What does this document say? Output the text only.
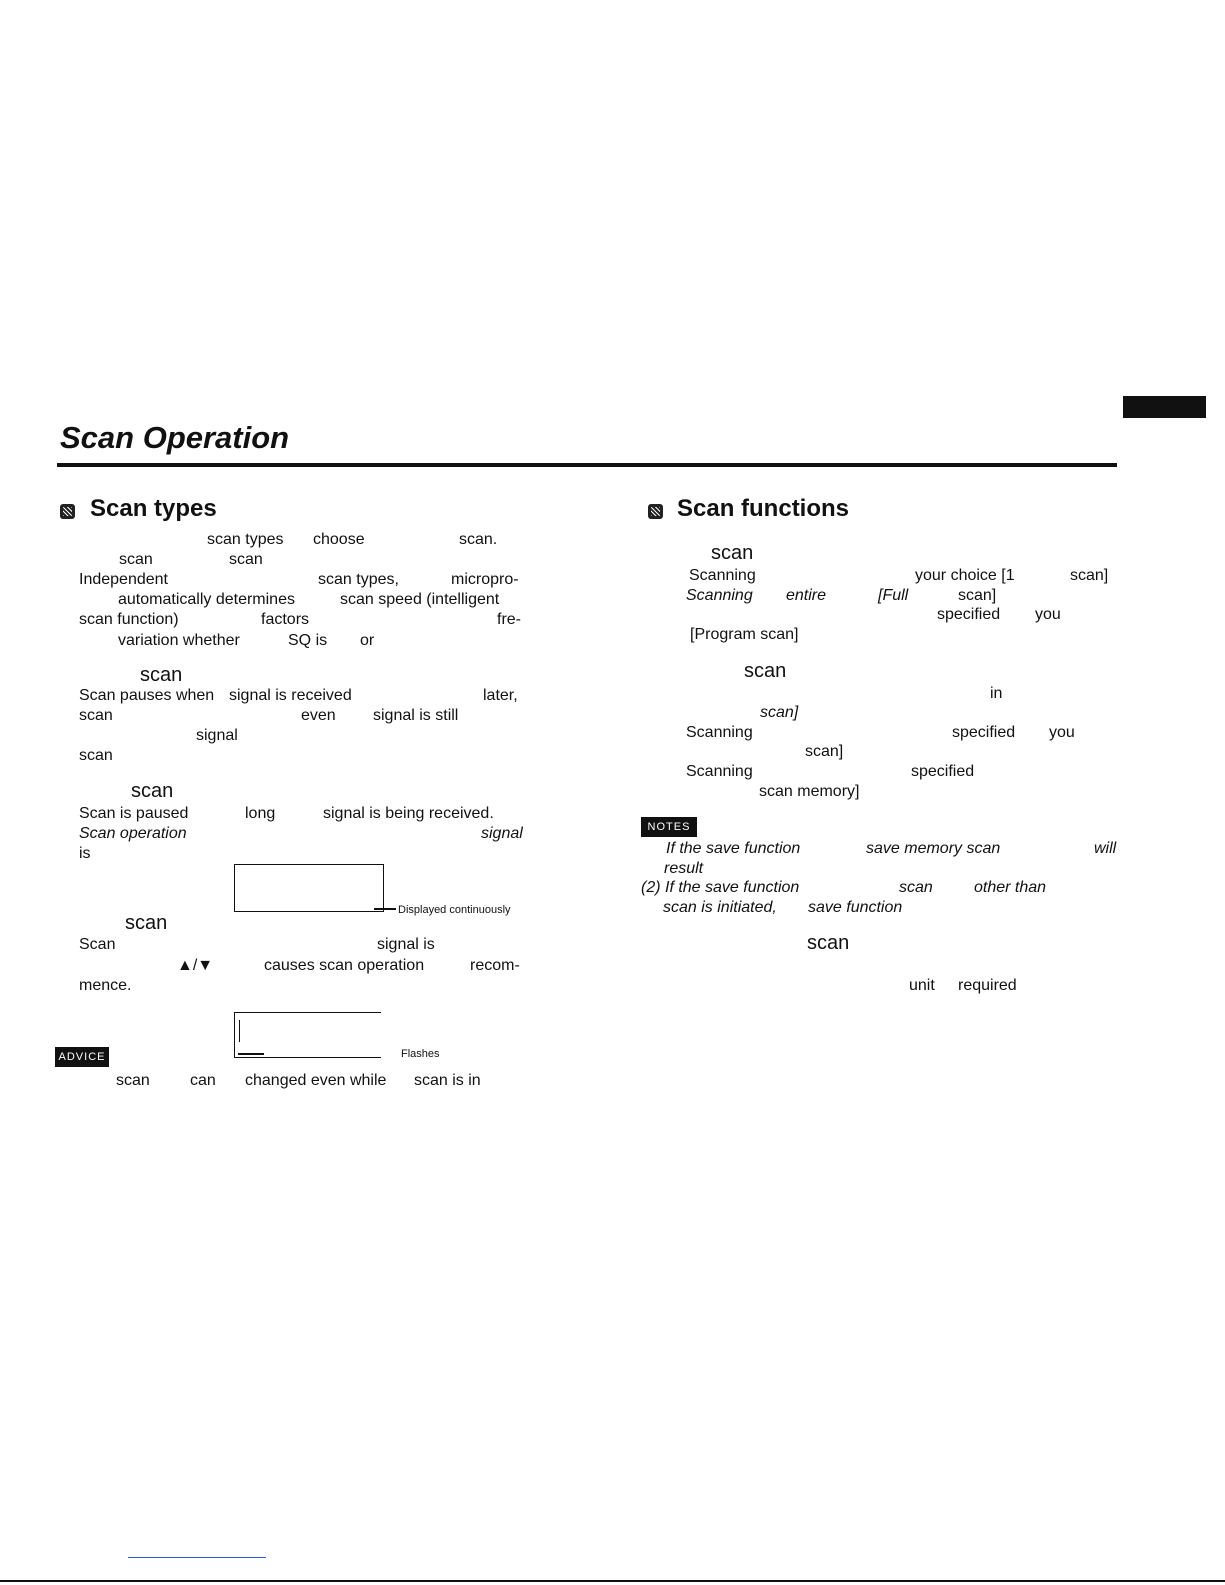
Scan Operation
Scan types
scan types choose	scan.
scan	scan
Independent	scan types,	micropro-
automatically determines	scan speed (intelligent
scan function)	factors	fre-
variation whether	SQ is or
scan
Scan pauses when signal is received	later,
scan	even signal is still
signal
scan
scan
Scan is paused	long	signal is being received.
Scan operation	signal
is
Displayed continuously
scan
Scan	signal is
▲/▼	causes scan operation	recom-
mence.
Flashes
ADVICE
scan	can changed even while scan is in
Scan functions
scan
Scanning	your choice [1	scan]
Scanning entire	[Full	scan]
specified you
[Program scan]
scan
in
scan]
Scanning	specified you
scan]
Scanning	specified
scan memory]
NOTES
If the save function	save memory scan	will
result
(2) If the save function	scan	other than
scan is initiated, save function
scan
unit required
